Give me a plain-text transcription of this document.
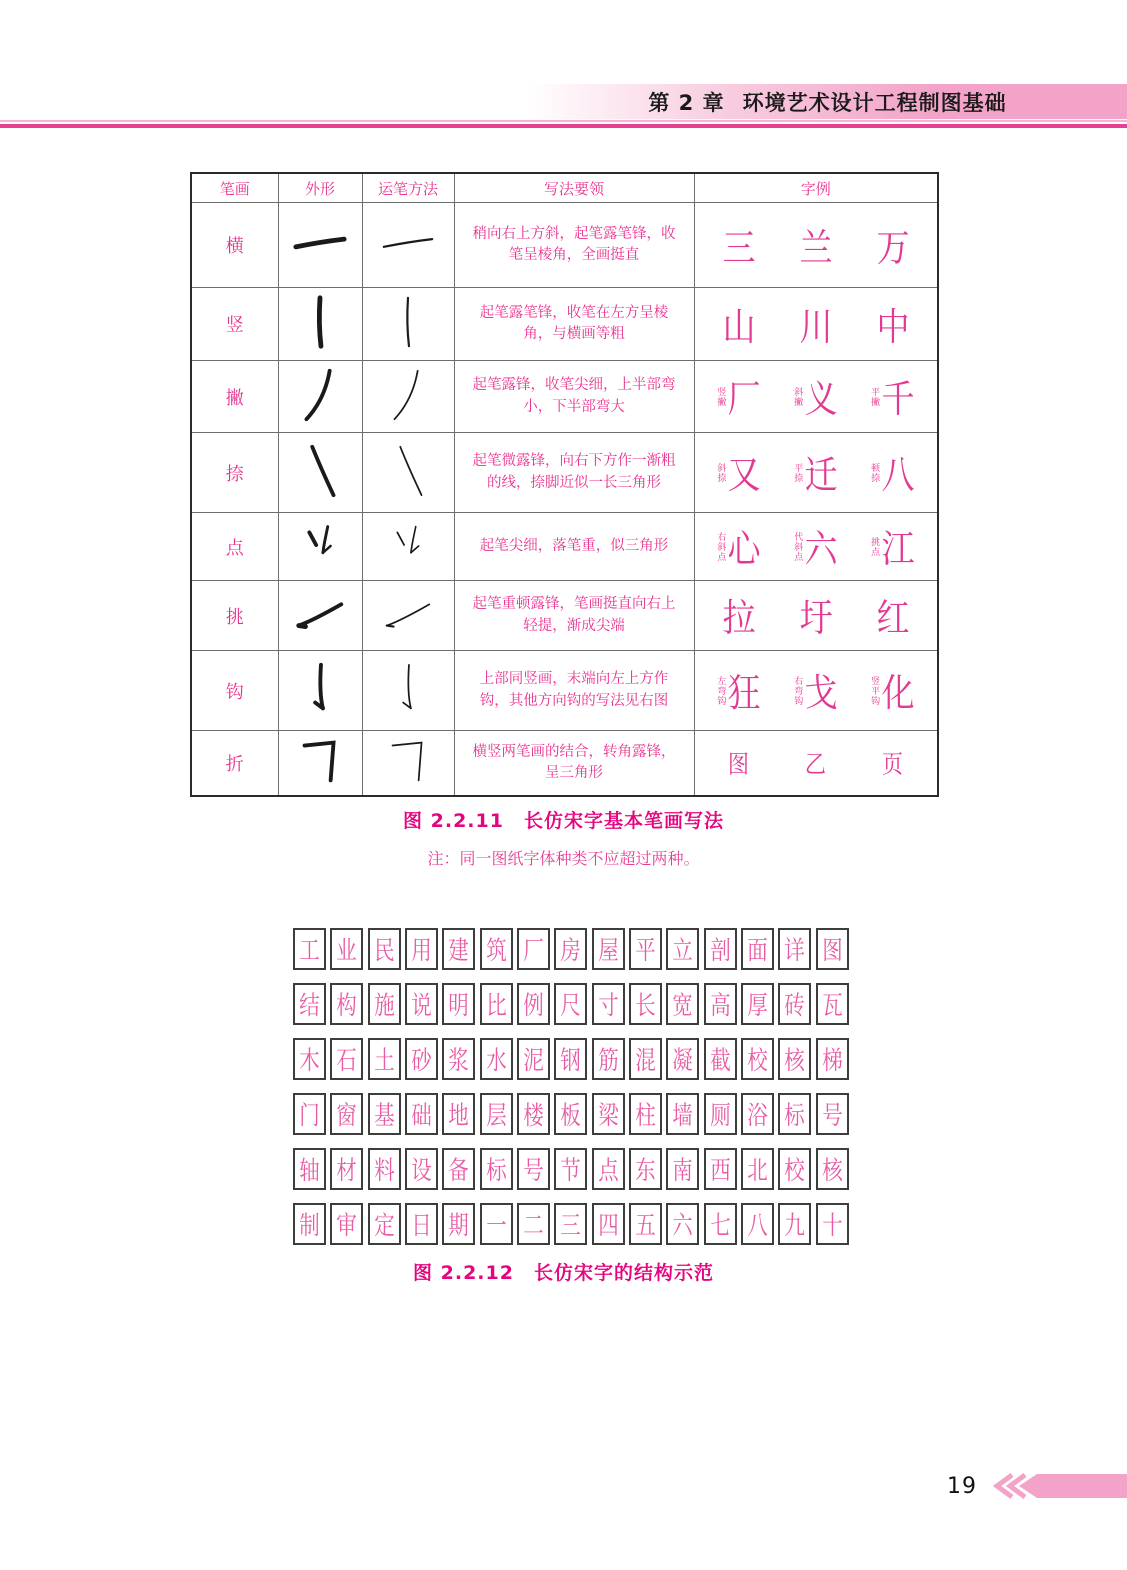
第 2 章 环境艺术设计工程制图基础
笔画	外形	运笔方法	写法要领	字例
横			稍向右上方斜，起笔露笔锋，收笔呈棱角，全画挺直	三 兰 万

竖			起笔露笔锋，收笔在左方呈棱角，与横画等粗	山 川 中

撇			起笔露锋，收笔尖细，上半部弯小，下半部弯大	竖撇 厂	斜撇 义	平撇 千

捺			起笔微露锋，向右下方作一渐粗的线，捺脚近似一长三角形	斜捺 又	平捺 迁	顿捺 八

点			起笔尖细，落笔重，似三角形	右斜点 心	代斜点 六	挑点 江

挑			起笔重顿露锋，笔画挺直向右上轻提，渐成尖端	拉 圩 红

钩			上部同竖画，末端向左上方作钩，其他方向钩的写法见右图	左弯钩 狂	右弯钩 戈	竖平钩 化

折			横竖两笔画的结合，转角露锋，呈三角形	图 乙 页
图 2.2.11　长仿宋字基本笔画写法
注：同一图纸字体种类不应超过两种。
工 业 民 用 建 筑 厂 房 屋 平 立 剖 面 详 图
结 构 施 说 明 比 例 尺 寸 长 宽 高 厚 砖 瓦
木 石 土 砂 浆 水 泥 钢 筋 混 凝 截 校 核 梯
门 窗 基 础 地 层 楼 板 梁 柱 墙 厕 浴 标 号
轴 材 料 设 备 标 号 节 点 东 南 西 北 校 核
制 审 定 日 期 一 二 三 四 五 六 七 八 九 十
图 2.2.12　长仿宋字的结构示范
19
